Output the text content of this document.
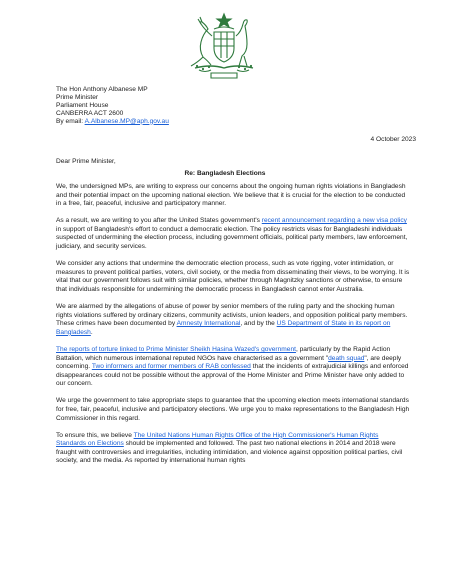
The Hon Anthony Albanese MP
Prime Minister
Parliament House
CANBERRA ACT 2600
By email: A.Albanese.MP@aph.gov.au
4 October 2023
Dear Prime Minister,
Re: Bangladesh Elections

We, the undersigned MPs, are writing to express our concerns about the ongoing human rights violations in Bangladesh and their potential impact on the upcoming national election. We believe that it is crucial for the election to be conducted in a free, fair, peaceful, inclusive and participatory manner.

As a result, we are writing to you after the United States government's recent announcement regarding a new visa policy in support of Bangladesh's effort to conduct a democratic election. The policy restricts visas for Bangladeshi individuals suspected of undermining the election process, including government officials, political party members, law enforcement, judiciary, and security services.

We consider any actions that undermine the democratic election process, such as vote rigging, voter intimidation, or measures to prevent political parties, voters, civil society, or the media from disseminating their views, to be worrying. It is vital that our government follows suit with similar policies, whether through Magnitzky sanctions or otherwise, to ensure that individuals responsible for undermining the democratic process in Bangladesh cannot enter Australia.

We are alarmed by the allegations of abuse of power by senior members of the ruling party and the shocking human rights violations suffered by ordinary citizens, community activists, union leaders, and opposition political party members. These crimes have been documented by Amnesty International, and by the US Department of State in its report on Bangladesh.

The reports of torture linked to Prime Minister Sheikh Hasina Wazed's government, particularly by the Rapid Action Battalion, which numerous international reputed NGOs have characterised as a government "death squad", are deeply concerning. Two informers and former members of RAB confessed that the incidents of extrajudicial killings and enforced disappearances could not be possible without the approval of the Home Minister and Prime Minister have only added to our concern.

We urge the government to take appropriate steps to guarantee that the upcoming election meets international standards for free, fair, peaceful, inclusive and participatory elections. We urge you to make representations to the Bangladesh High Commissioner in this regard.

To ensure this, we believe The United Nations Human Rights Office of the High Commissioner's Human Rights Standards on Elections should be implemented and followed. The past two national elections in 2014 and 2018 were fraught with controversies and irregularities, including intimidation, and violence against opposition political parties, civil society, and the media. As reported by international human rights
